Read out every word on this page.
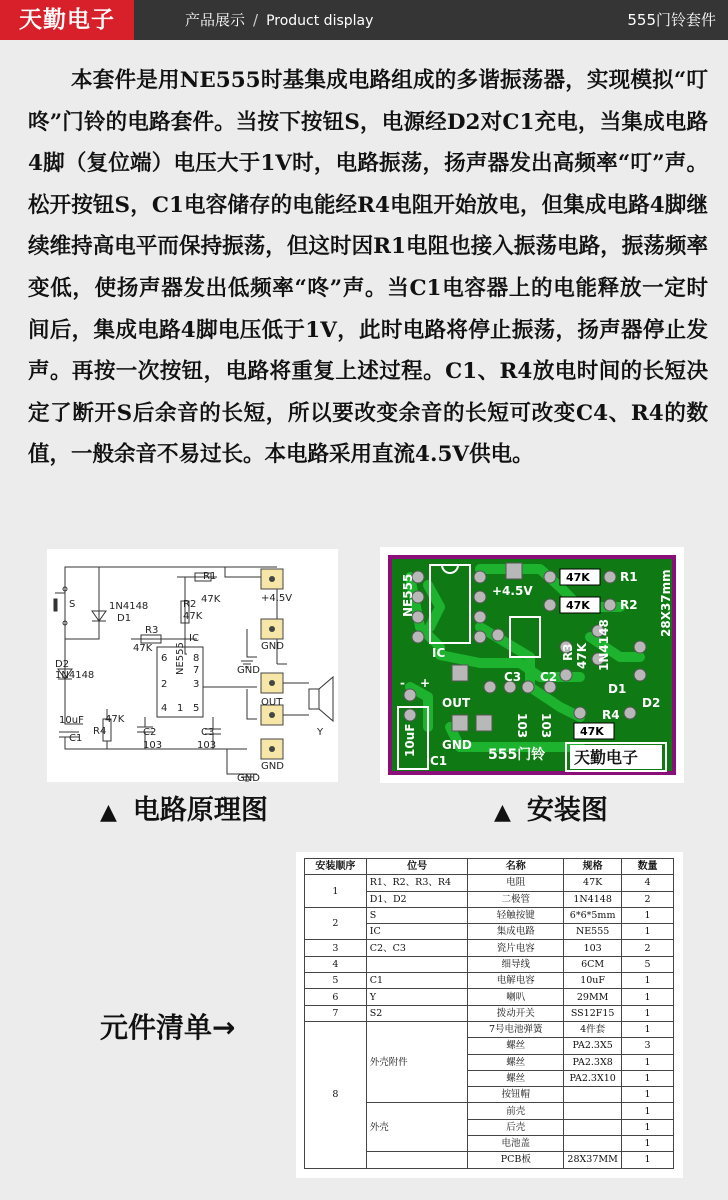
天勤电子	产品展示 / Product display	555门铃套件

本套件是用NE555时基集成电路组成的多谐振荡器，实现模拟“叮咚”门铃的电路套件。当按下按钮S，电源经D2对C1充电，当集成电路4脚（复位端）电压大于1V时，电路振荡，扬声器发出高频率“叮”声。松开按钮S，C1电容储存的电能经R4电阻开始放电，但集成电路4脚继续维持高电平而保持振荡，但这时因R1电阻也接入振荡电路，振荡频率变低，使扬声器发出低频率“咚”声。当C1电容器上的电能释放一定时间后，集成电路4脚电压低于1V，此时电路将停止振荡，扬声器停止发声。再按一次按钮，电路将重复上述过程。C1、R4放电时间的长短决定了断开S后余音的长短，所以要改变余音的长短可改变C4、R4的数值，一般余音不易过长。本电路采用直流4.5V供电。

S	1N4148
D1
R3
47K
IC
R1
47K
R2
47K
D2
1N4148
10uF
C1
47K
R4	C2
103
C3
103
+4.5V
GND
GND
OUT
GND
GND
Y
NE555
6	8
7
2	3
4 1 5
NE555	+4.5V
R1
R2 28X37mm
IC	R3 47K 1N4148
D1
D2
C3 C2
103 103
OUT
GND
R4
10uF
C1
+
-
555门铃
47K
47K
47K
天勤电子
▲ 电路原理图	▲ 安装图
元件清单→
安装顺序	位号	名称	规格	数量
1	R1、R2、R3、R4	电阻	47K	4
	D1、D2	二极管	1N4148	2
2	S	轻触按键	6*6*5mm	1
	IC	集成电路	NE555	1
3	C2、C3	瓷片电容	103	2
4		细导线	6CM	5
5	C1	电解电容	10uF	1
6	Y	喇叭	29MM	1
7	S2	拨动开关	SS12F15	1
8	外壳附件	7号电池弹簧	4件套	1
		螺丝	PA2.3X5	3
		螺丝	PA2.3X8	1
		螺丝	PA2.3X10	1
		按钮帽		1
	外壳	前壳		1
		后壳		1
		电池盖		1
		PCB板	28X37MM	1
